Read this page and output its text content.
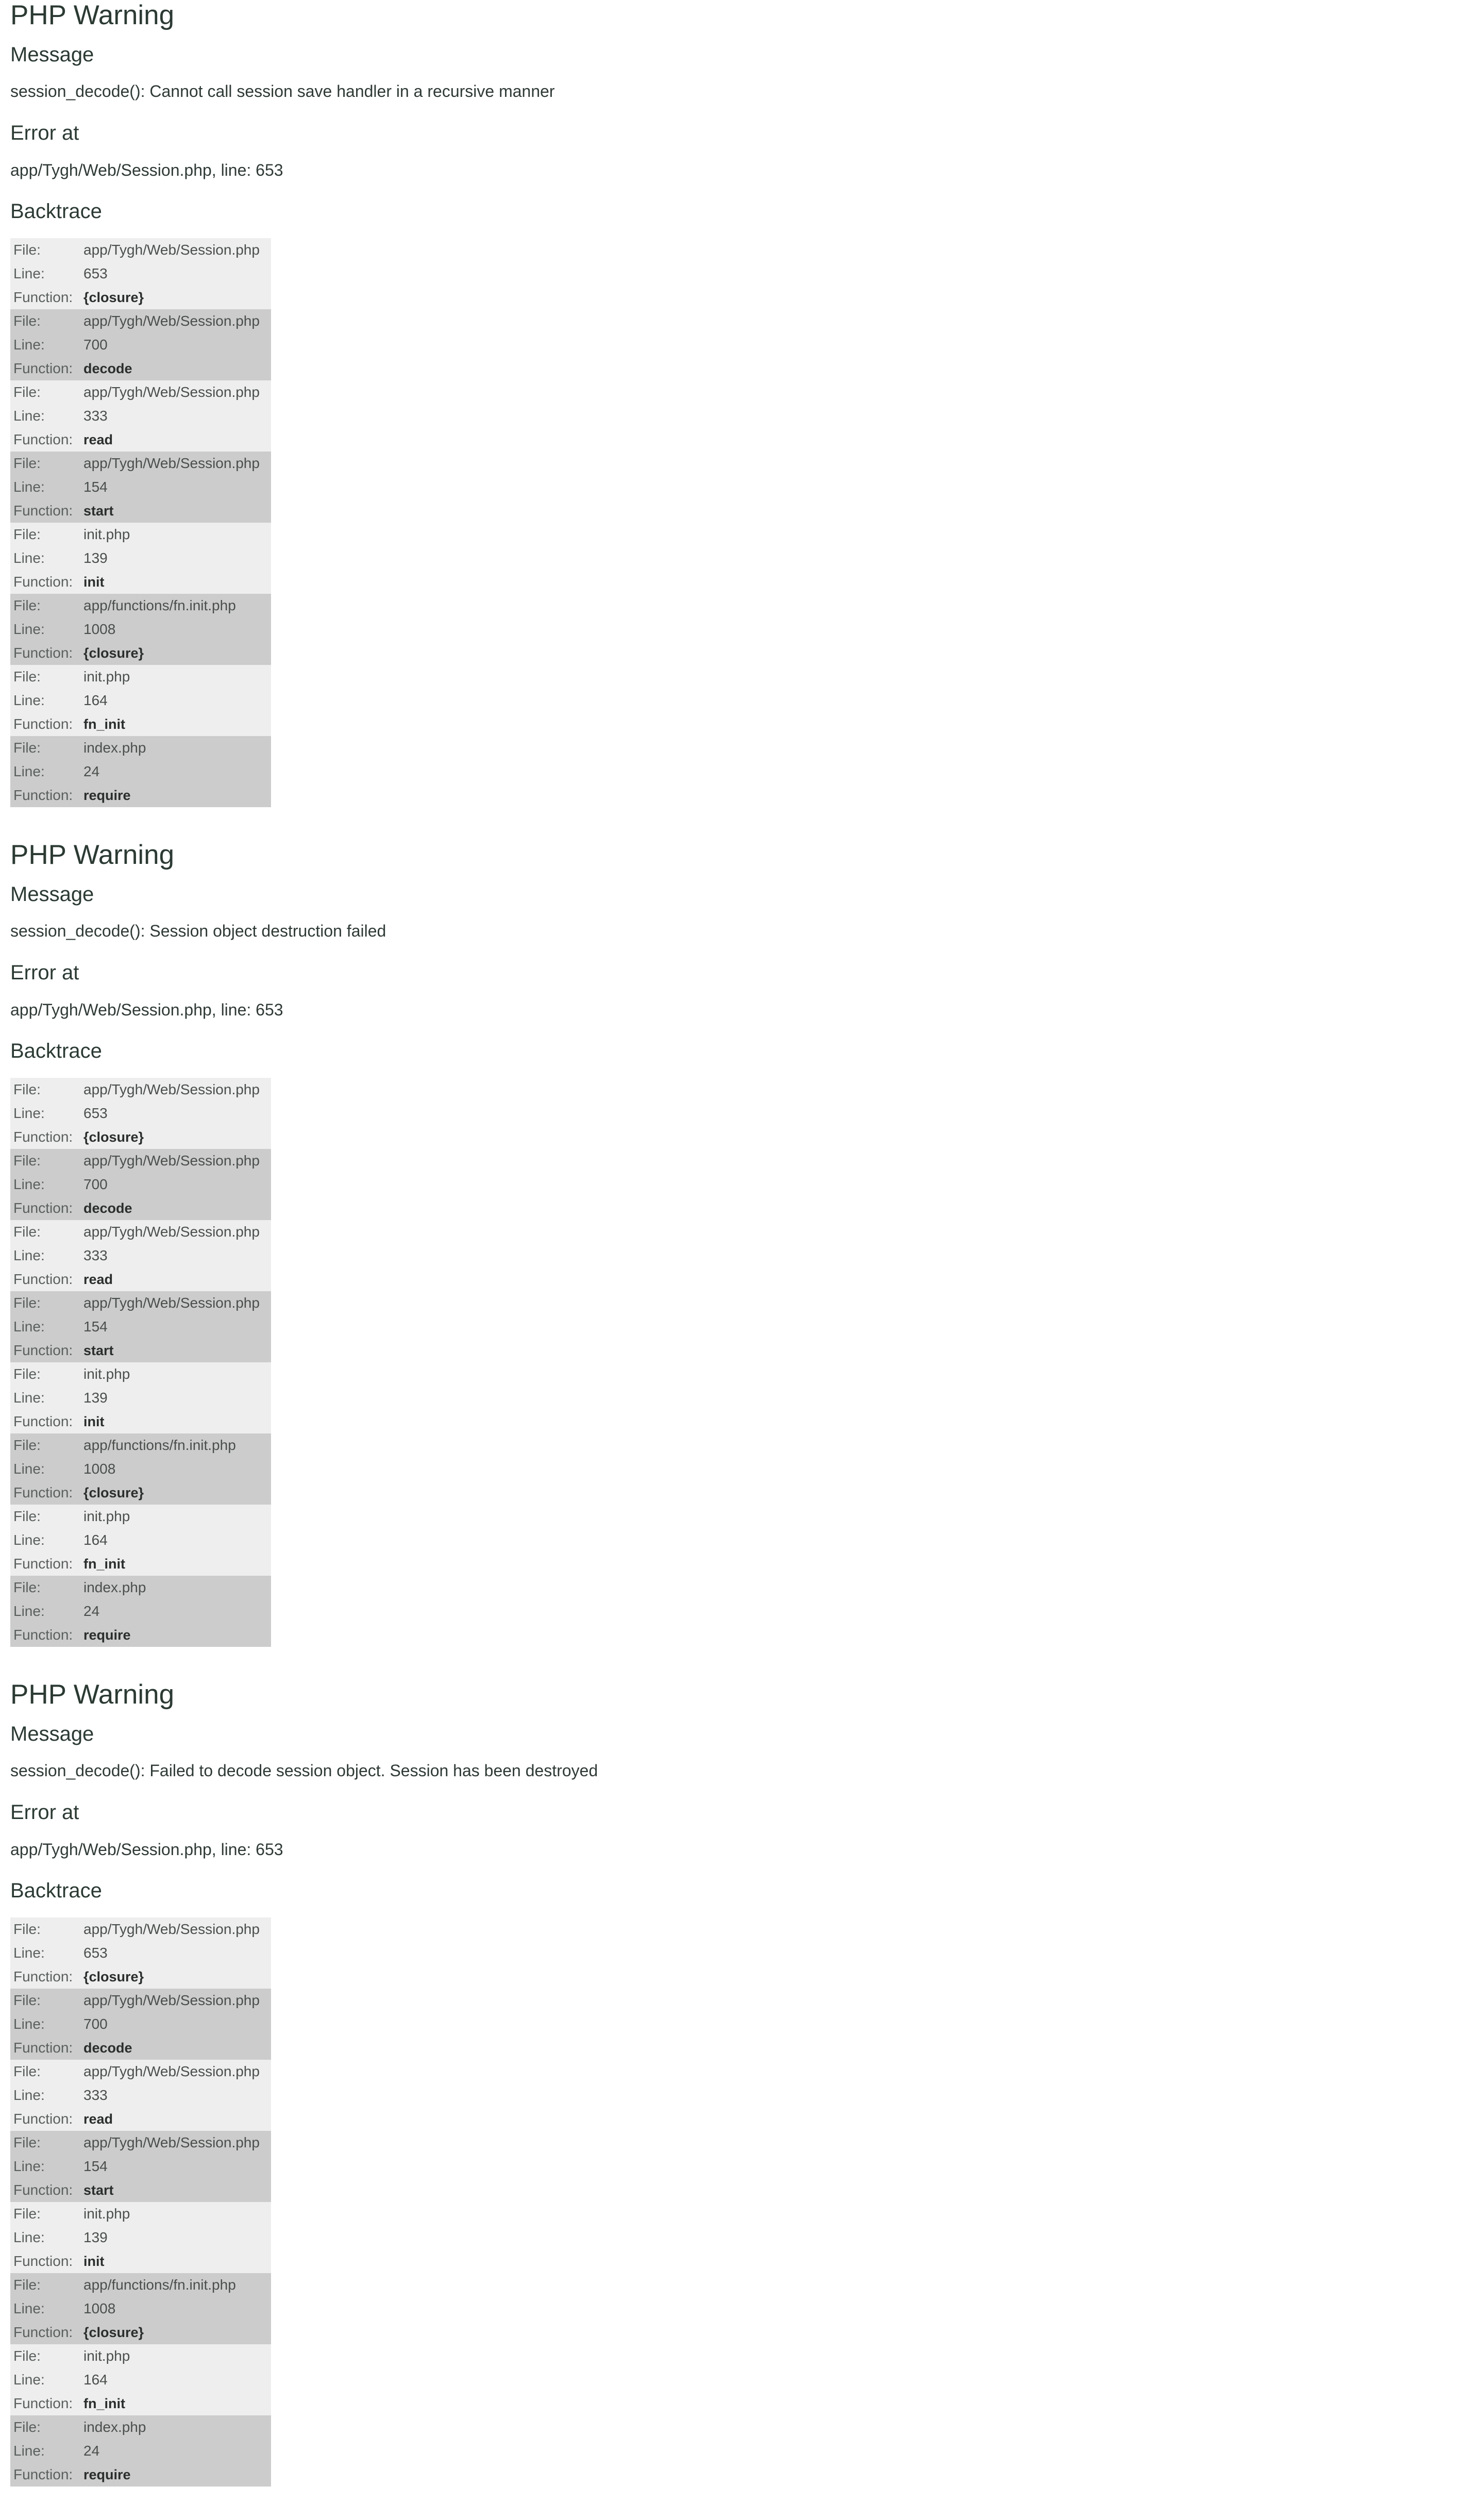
PHP Warning
Message

session_decode(): Cannot call session save handler in a recursive manner

Error at

app/Tygh/Web/Session.php, line: 653

Backtrace
File:	app/Tygh/Web/Session.php
Line:	653
Function:	{closure}
File:	app/Tygh/Web/Session.php
Line:	700
Function:	decode
File:	app/Tygh/Web/Session.php
Line:	333
Function:	read
File:	app/Tygh/Web/Session.php
Line:	154
Function:	start
File:	init.php
Line:	139
Function:	init
File:	app/functions/fn.init.php
Line:	1008
Function:	{closure}
File:	init.php
Line:	164
Function:	fn_init
File:	index.php
Line:	24
Function:	require
PHP Warning
Message

session_decode(): Session object destruction failed

Error at

app/Tygh/Web/Session.php, line: 653

Backtrace
File:	app/Tygh/Web/Session.php
Line:	653
Function:	{closure}
File:	app/Tygh/Web/Session.php
Line:	700
Function:	decode
File:	app/Tygh/Web/Session.php
Line:	333
Function:	read
File:	app/Tygh/Web/Session.php
Line:	154
Function:	start
File:	init.php
Line:	139
Function:	init
File:	app/functions/fn.init.php
Line:	1008
Function:	{closure}
File:	init.php
Line:	164
Function:	fn_init
File:	index.php
Line:	24
Function:	require
PHP Warning
Message

session_decode(): Failed to decode session object. Session has been destroyed

Error at

app/Tygh/Web/Session.php, line: 653

Backtrace
File:	app/Tygh/Web/Session.php
Line:	653
Function:	{closure}
File:	app/Tygh/Web/Session.php
Line:	700
Function:	decode
File:	app/Tygh/Web/Session.php
Line:	333
Function:	read
File:	app/Tygh/Web/Session.php
Line:	154
Function:	start
File:	init.php
Line:	139
Function:	init
File:	app/functions/fn.init.php
Line:	1008
Function:	{closure}
File:	init.php
Line:	164
Function:	fn_init
File:	index.php
Line:	24
Function:	require
